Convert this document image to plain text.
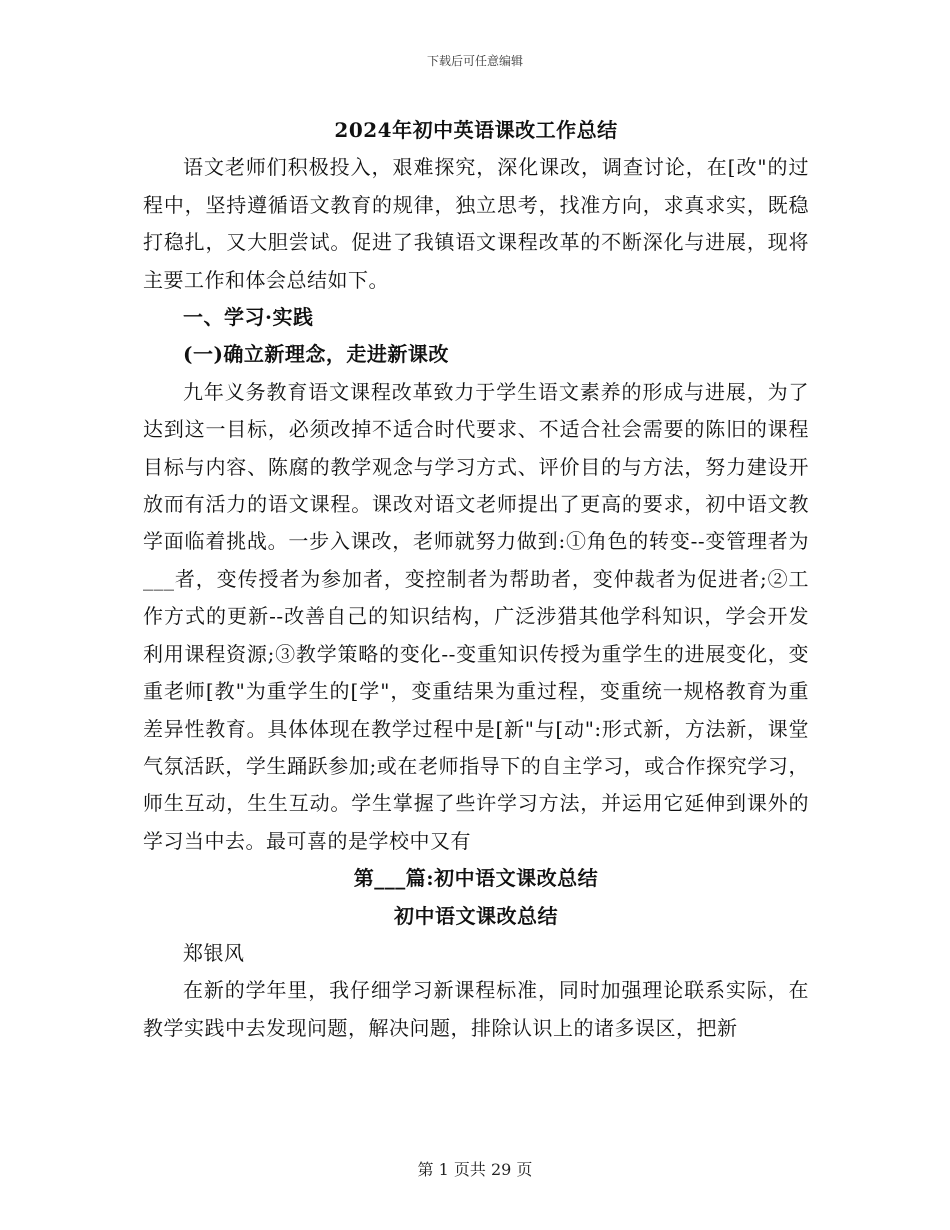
下载后可任意编辑

2024年初中英语课改工作总结

语文老师们积极投入，艰难探究，深化课改，调查讨论，在[改"的过程中，坚持遵循语文教育的规律，独立思考，找准方向，求真求实，既稳打稳扎，又大胆尝试。促进了我镇语文课程改革的不断深化与进展，现将主要工作和体会总结如下。

一、学习·实践

(一)确立新理念，走进新课改

九年义务教育语文课程改革致力于学生语文素养的形成与进展，为了达到这一目标，必须改掉不适合时代要求、不适合社会需要的陈旧的课程目标与内容、陈腐的教学观念与学习方式、评价目的与方法，努力建设开放而有活力的语文课程。课改对语文老师提出了更高的要求，初中语文教学面临着挑战。一步入课改，老师就努力做到:①角色的转变--变管理者为___者，变传授者为参加者，变控制者为帮助者，变仲裁者为促进者;②工作方式的更新--改善自己的知识结构，广泛涉猎其他学科知识，学会开发利用课程资源;③教学策略的变化--变重知识传授为重学生的进展变化，变重老师[教"为重学生的[学"，变重结果为重过程，变重统一规格教育为重差异性教育。具体体现在教学过程中是[新"与[动":形式新，方法新，课堂气氛活跃，学生踊跃参加;或在老师指导下的自主学习，或合作探究学习，师生互动，生生互动。学生掌握了些许学习方法，并运用它延伸到课外的学习当中去。最可喜的是学校中又有

第___篇:初中语文课改总结

初中语文课改总结

郑银风

在新的学年里，我仔细学习新课程标准，同时加强理论联系实际，在教学实践中去发现问题，解决问题，排除认识上的诸多误区，把新

第 1 页共 29 页
